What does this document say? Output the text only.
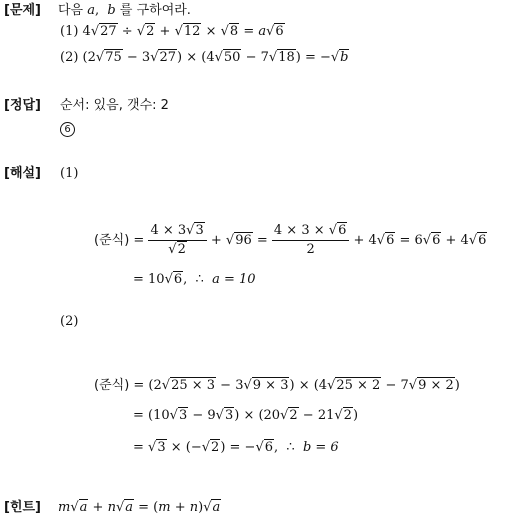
[문제] 다음 a,  b 를 구하여라.
(1) 4√27 ÷ √2 + √12 × √8 = a√6
(2) (2√75 − 3√27) × (4√50 − 7√18) = −√b
[정답] 순서: 있음, 갯수: 2
6
[해설] (1)
(준식) = $\frac{4 \times 3√3}{√2} + √96 = \frac{4 \times 3 \times √6}{2} + 4√6 = 6√6 + 4√6$
= 10√6,  ∴  a = 10
(2)
(준식) = (2√25 × 3 − 3√9 × 3) × (4√25 × 2 − 7√9 × 2)
= (10√3 − 9√3) × (20√2 − 21√2)
= √3 × (−√2) = −√6,  ∴  b = 6
[힌트] m√a + n√a = (m + n)√a
